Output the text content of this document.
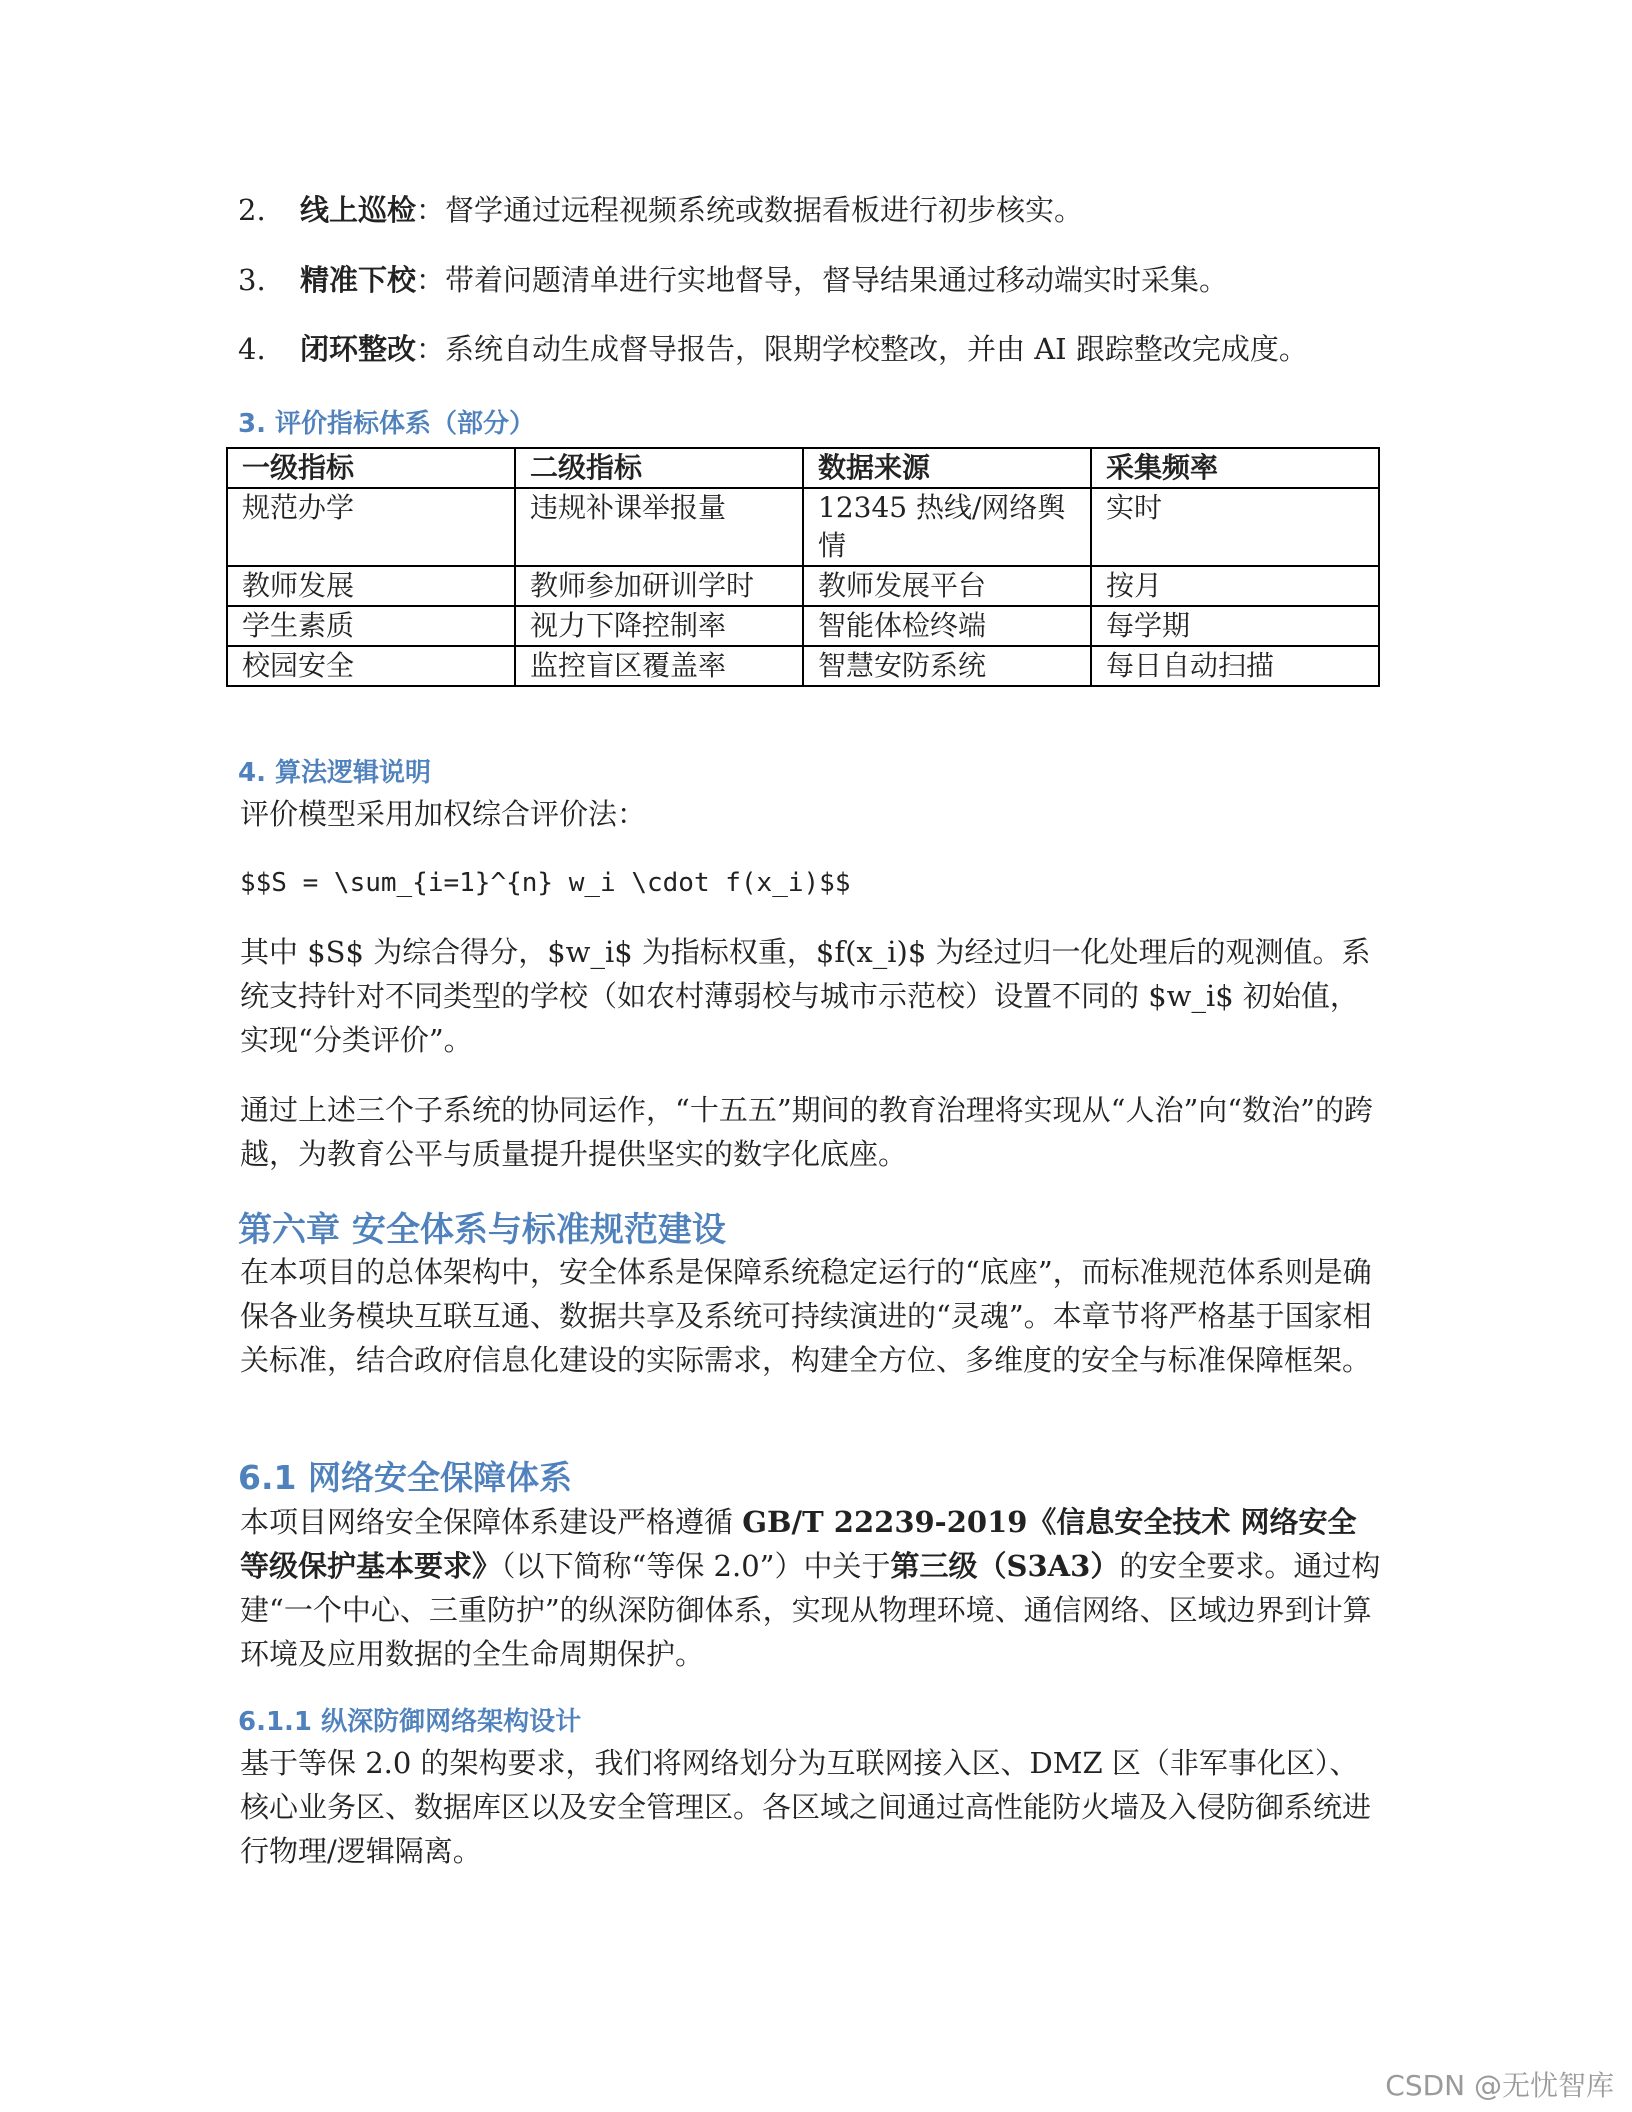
2. 线上巡检：督学通过远程视频系统或数据看板进行初步核实。
3. 精准下校：带着问题清单进行实地督导，督导结果通过移动端实时采集。
4. 闭环整改：系统自动生成督导报告，限期学校整改，并由 AI 跟踪整改完成度。
3. 评价指标体系（部分）
一级指标	二级指标	数据来源	采集频率
规范办学	违规补课举报量	12345 热线/网络舆情	实时
教师发展	教师参加研训学时	教师发展平台	按月
学生素质	视力下降控制率	智能体检终端	每学期
校园安全	监控盲区覆盖率	智慧安防系统	每日自动扫描
4. 算法逻辑说明
评价模型采用加权综合评价法：
$$S = \sum_{i=1}^{n} w_i \cdot f(x_i)$$
其中 $S$ 为综合得分，$w_i$ 为指标权重，$f(x_i)$ 为经过归一化处理后的观测值。系统支持针对不同类型的学校（如农村薄弱校与城市示范校）设置不同的 $w_i$ 初始值，实现“分类评价”。
通过上述三个子系统的协同运作，“十五五”期间的教育治理将实现从“人治”向“数治”的跨越，为教育公平与质量提升提供坚实的数字化底座。
第六章 安全体系与标准规范建设
在本项目的总体架构中，安全体系是保障系统稳定运行的“底座”，而标准规范体系则是确保各业务模块互联互通、数据共享及系统可持续演进的“灵魂”。本章节将严格基于国家相关标准，结合政府信息化建设的实际需求，构建全方位、多维度的安全与标准保障框架。
6.1 网络安全保障体系
本项目网络安全保障体系建设严格遵循 GB/T 22239-2019《信息安全技术 网络安全等级保护基本要求》（以下简称“等保 2.0”）中关于第三级（S3A3）的安全要求。通过构建“一个中心、三重防护”的纵深防御体系，实现从物理环境、通信网络、区域边界到计算环境及应用数据的全生命周期保护。
6.1.1 纵深防御网络架构设计
基于等保 2.0 的架构要求，我们将网络划分为互联网接入区、DMZ 区（非军事化区）、核心业务区、数据库区以及安全管理区。各区域之间通过高性能防火墙及入侵防御系统进行物理/逻辑隔离。
CSDN @无忧智库
